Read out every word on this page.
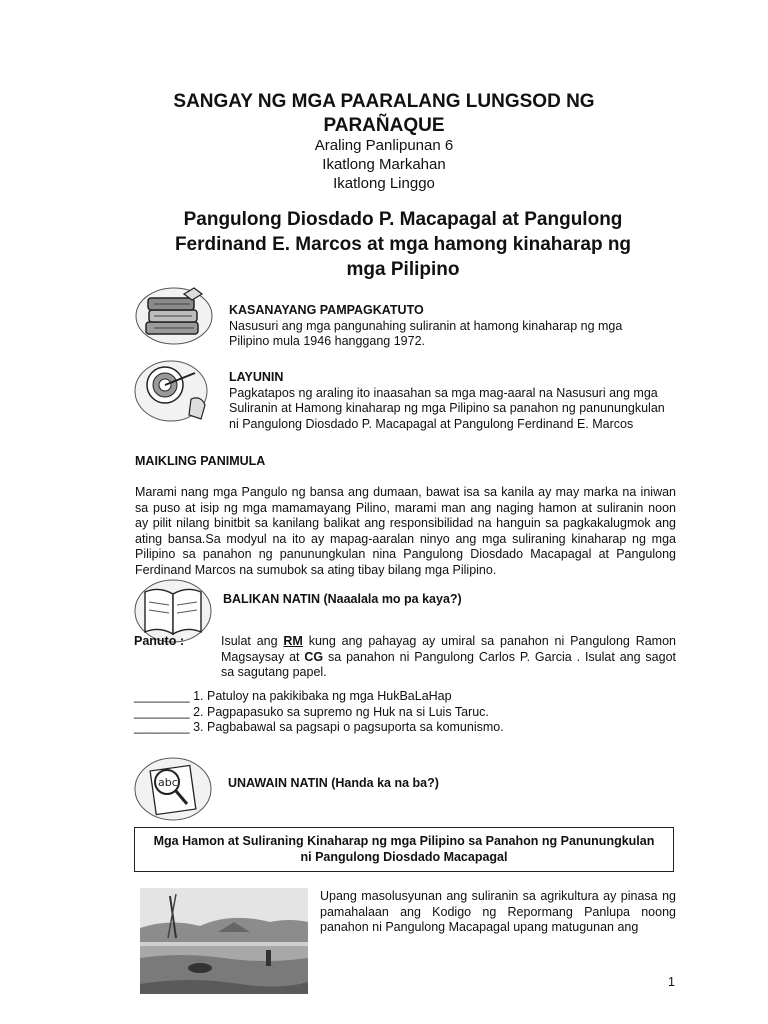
SANGAY NG MGA PAARALANG LUNGSOD NG
PARAÑAQUE
Araling Panlipunan 6
Ikatlong Markahan
Ikatlong Linggo
Pangulong Diosdado P. Macapagal at Pangulong
Ferdinand E. Marcos at mga hamong kinaharap ng
mga Pilipino
KASANAYANG PAMPAGKATUTO
Nasusuri ang mga pangunahing suliranin at hamong kinaharap ng mga
Pilipino mula 1946 hanggang 1972.
LAYUNIN
Pagkatapos ng araling ito inaasahan sa mga mag-aaral na Nasusuri ang mga
Suliranin at Hamong kinaharap ng mga Pilipino sa panahon ng panunungkulan
ni Pangulong Diosdado P. Macapagal at Pangulong Ferdinand E. Marcos
MAIKLING PANIMULA
Marami nang mga Pangulo ng bansa ang dumaan, bawat isa sa kanila ay may marka na iniwan
sa puso at isip ng mga mamamayang Pilino, marami man ang naging hamon at suliranin noon
ay pilit nilang binitbit sa kanilang balikat ang responsibilidad na hanguin sa pagkakalugmok ang
ating bansa.Sa modyul na ito ay mapag-aaralan ninyo ang mga suliraning kinaharap ng mga
Pilipino sa panahon ng panunungkulan nina Pangulong Diosdado Macapagal at Pangulong
Ferdinand Marcos na sumubok sa ating tibay bilang mga Pilipino.
BALIKAN NATIN (Naaalala mo pa kaya?)
Panuto :	Isulat ang RM kung ang pahayag ay umiral sa panahon ni Pangulong Ramon
Magsaysay at CG sa panahon ni Pangulong Carlos P. Garcia . Isulat ang sagot
sa sagutang papel.
________ 1. Patuloy na pakikibaka ng mga HukBaLaHap
________ 2. Pagpapasuko sa supremo ng Huk na si Luis Taruc.
________ 3. Pagbabawal sa pagsapi o pagsuporta sa komunismo.
abc	UNAWAIN NATIN (Handa ka na ba?)
Mga Hamon at Suliraning Kinaharap ng mga Pilipino sa Panahon ng Panunungkulan
ni Pangulong Diosdado Macapagal
Upang masolusyunan ang suliranin sa agrikultura ay pinasa ng
pamahalaan ang Kodigo ng Repormang Panlupa noong
panahon ni Pangulong Macapagal upang matugunan ang
1
